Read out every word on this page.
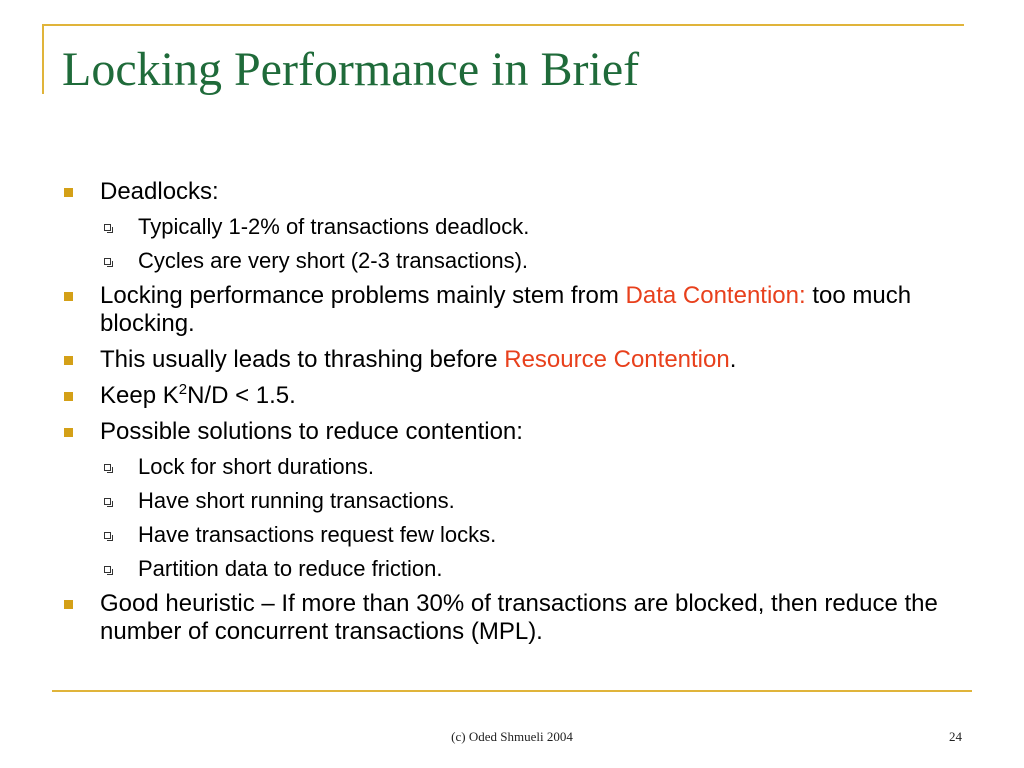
Locking Performance in Brief
Deadlocks:
Typically 1-2% of transactions deadlock.
Cycles are very short (2-3 transactions).
Locking performance problems mainly stem from Data Contention: too much blocking.
This usually leads to thrashing before Resource Contention.
Keep $K^2N/D < 1.5$.
Possible solutions to reduce contention:
Lock for short durations.
Have short running transactions.
Have transactions request few locks.
Partition data to reduce friction.
Good heuristic – If more than 30% of transactions are blocked, then reduce the number of concurrent transactions (MPL).
(c) Oded Shmueli 2004	24
